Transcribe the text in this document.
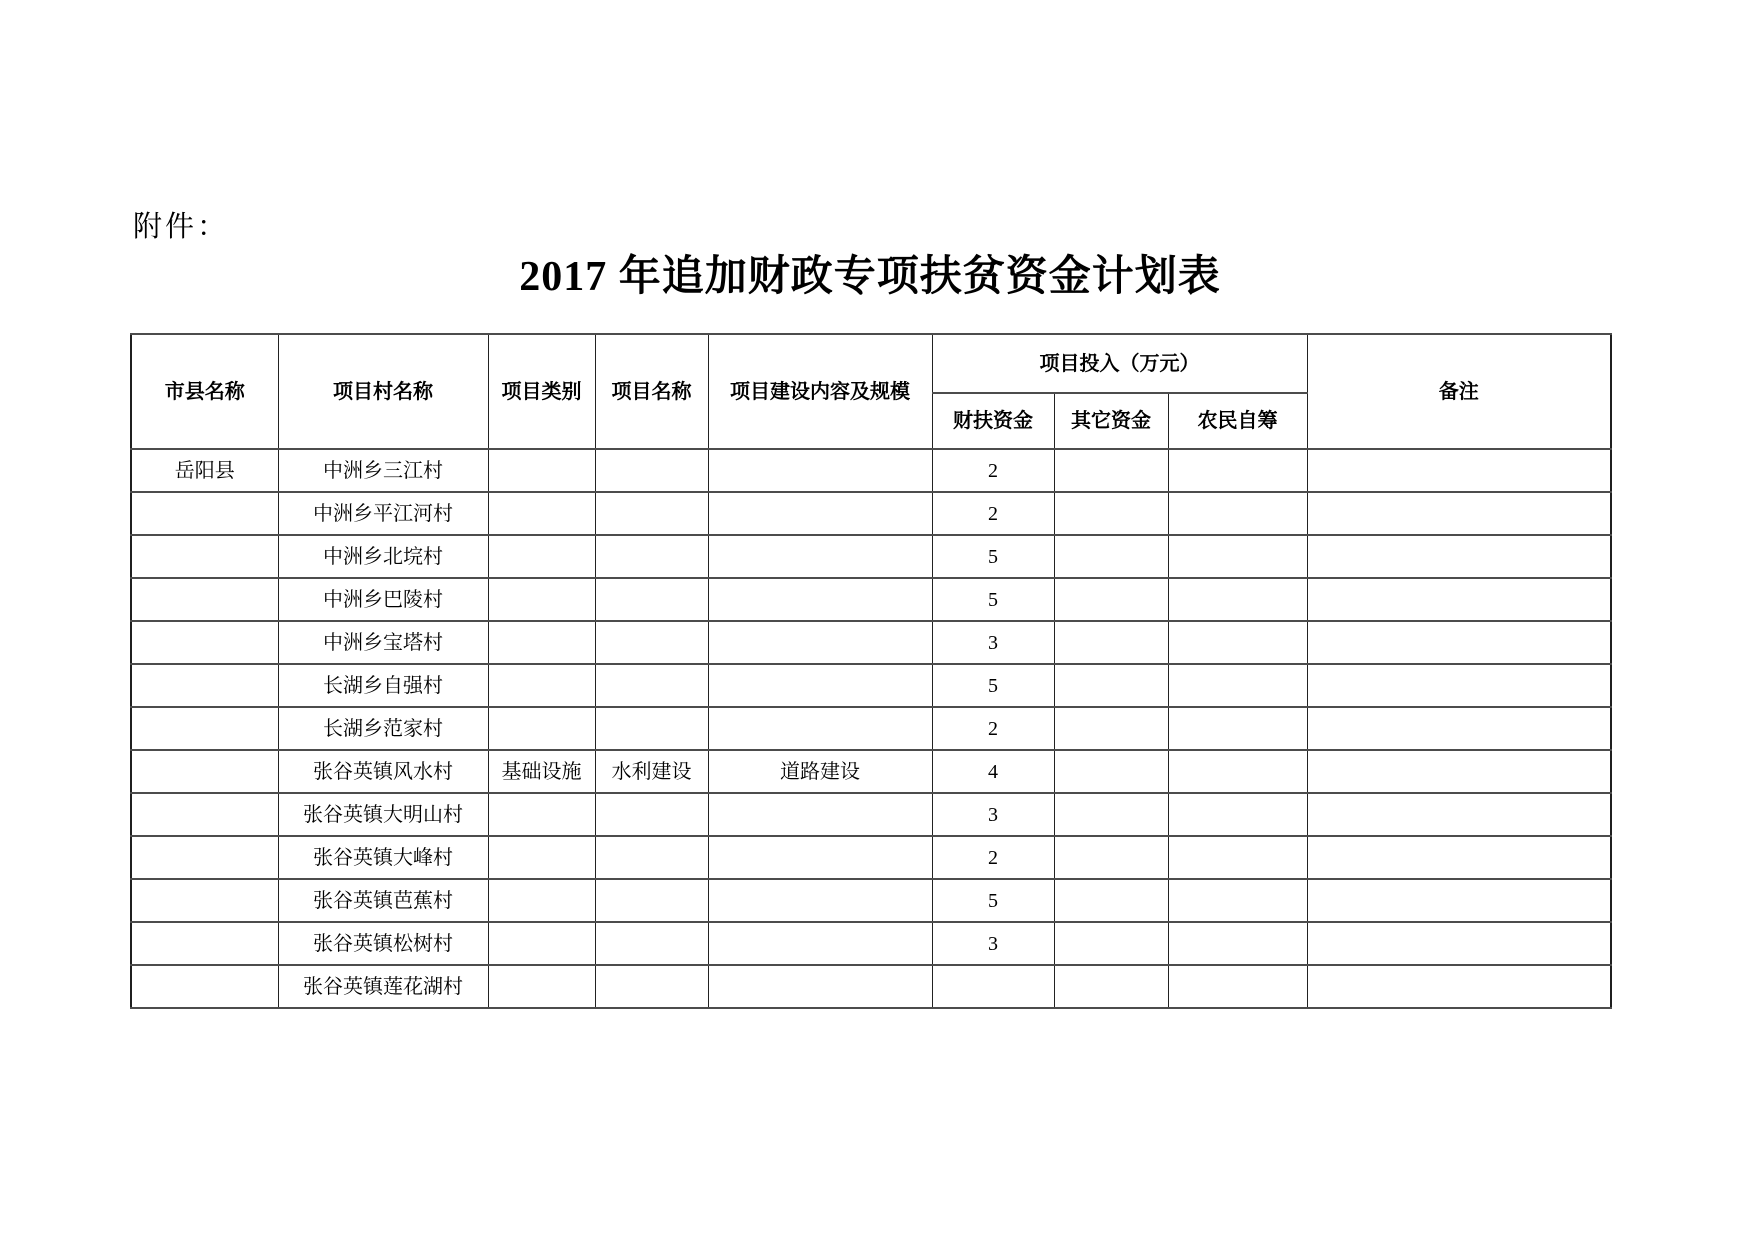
附件：
2017 年追加财政专项扶贫资金计划表
市县名称	项目村名称	项目类别	项目名称	项目建设内容及规模	项目投入（万元）			备注
					财扶资金	其它资金	农民自筹	
岳阳县	中洲乡三江村				2			
	中洲乡平江河村				2			
	中洲乡北垸村				5			
	中洲乡巴陵村				5			
	中洲乡宝塔村				3			
	长湖乡自强村				5			
	长湖乡范家村				2			
	张谷英镇风水村	基础设施	水利建设	道路建设	4			
	张谷英镇大明山村				3			
	张谷英镇大峰村				2			
	张谷英镇芭蕉村				5			
	张谷英镇松树村				3			
	张谷英镇莲花湖村							
